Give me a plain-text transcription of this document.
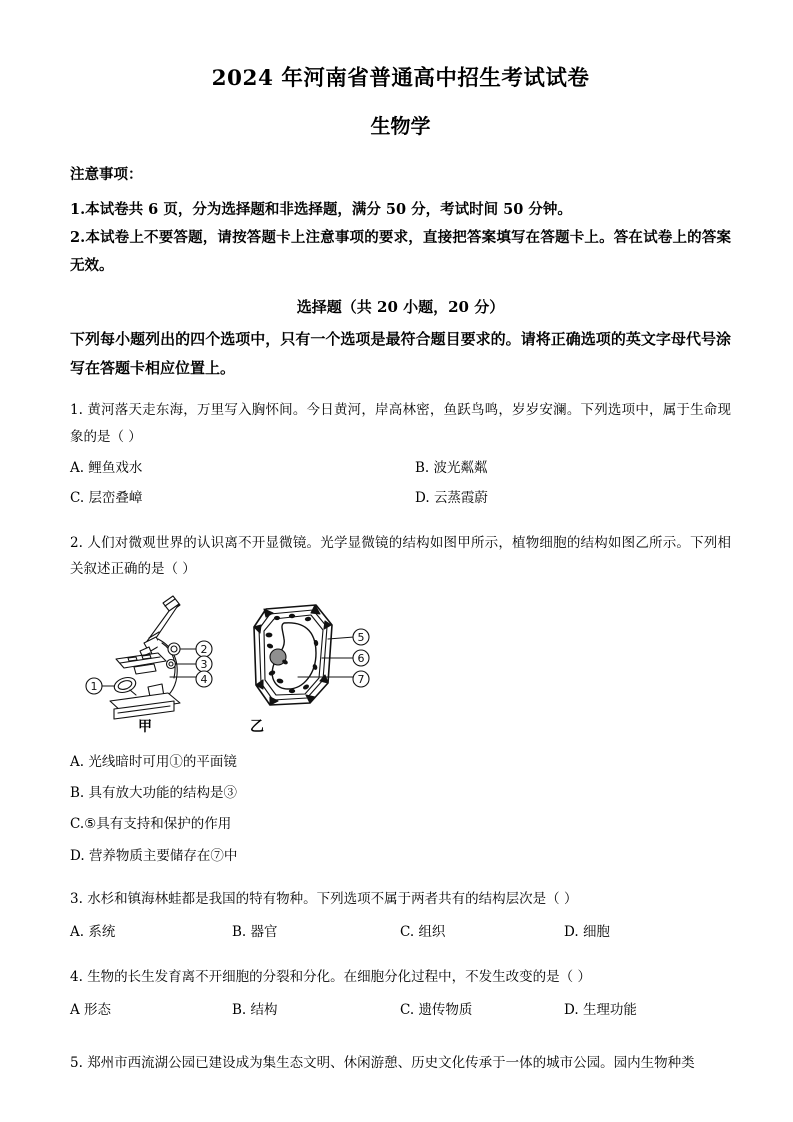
2024 年河南省普通高中招生考试试卷
生物学
注意事项：
1.本试卷共 6 页，分为选择题和非选择题，满分 50 分，考试时间 50 分钟。
2.本试卷上不要答题，请按答题卡上注意事项的要求，直接把答案填写在答题卡上。答在试卷上的答案无效。
选择题（共 20 小题，20 分）
下列每小题列出的四个选项中，只有一个选项是最符合题目要求的。请将正确选项的英文字母代号涂写在答题卡相应位置上。
1. 黄河落天走东海，万里写入胸怀间。今日黄河，岸高林密，鱼跃鸟鸣，岁岁安澜。下列选项中，属于生命现象的是（ ）
A. 鲤鱼戏水	B. 波光粼粼
C. 层峦叠嶂	D. 云蒸霞蔚
2. 人们对微观世界的认识离不开显微镜。光学显微镜的结构如图甲所示，植物细胞的结构如图乙所示。下列相关叙述正确的是（ ）
1
2
3
4
5
6
7
甲	乙
A. 光线暗时可用①的平面镜
B. 具有放大功能的结构是③
C.⑤具有支持和保护的作用
D. 营养物质主要储存在⑦中
3. 水杉和镇海林蛙都是我国的特有物种。下列选项不属于两者共有的结构层次是（ ）
A. 系统	B. 器官	C. 组织	D. 细胞
4. 生物的长生发育离不开细胞的分裂和分化。在细胞分化过程中，不发生改变的是（ ）
A 形态	B. 结构	C. 遗传物质	D. 生理功能
5. 郑州市西流湖公园已建设成为集生态文明、休闲游憩、历史文化传承于一体的城市公园。园内生物种类
